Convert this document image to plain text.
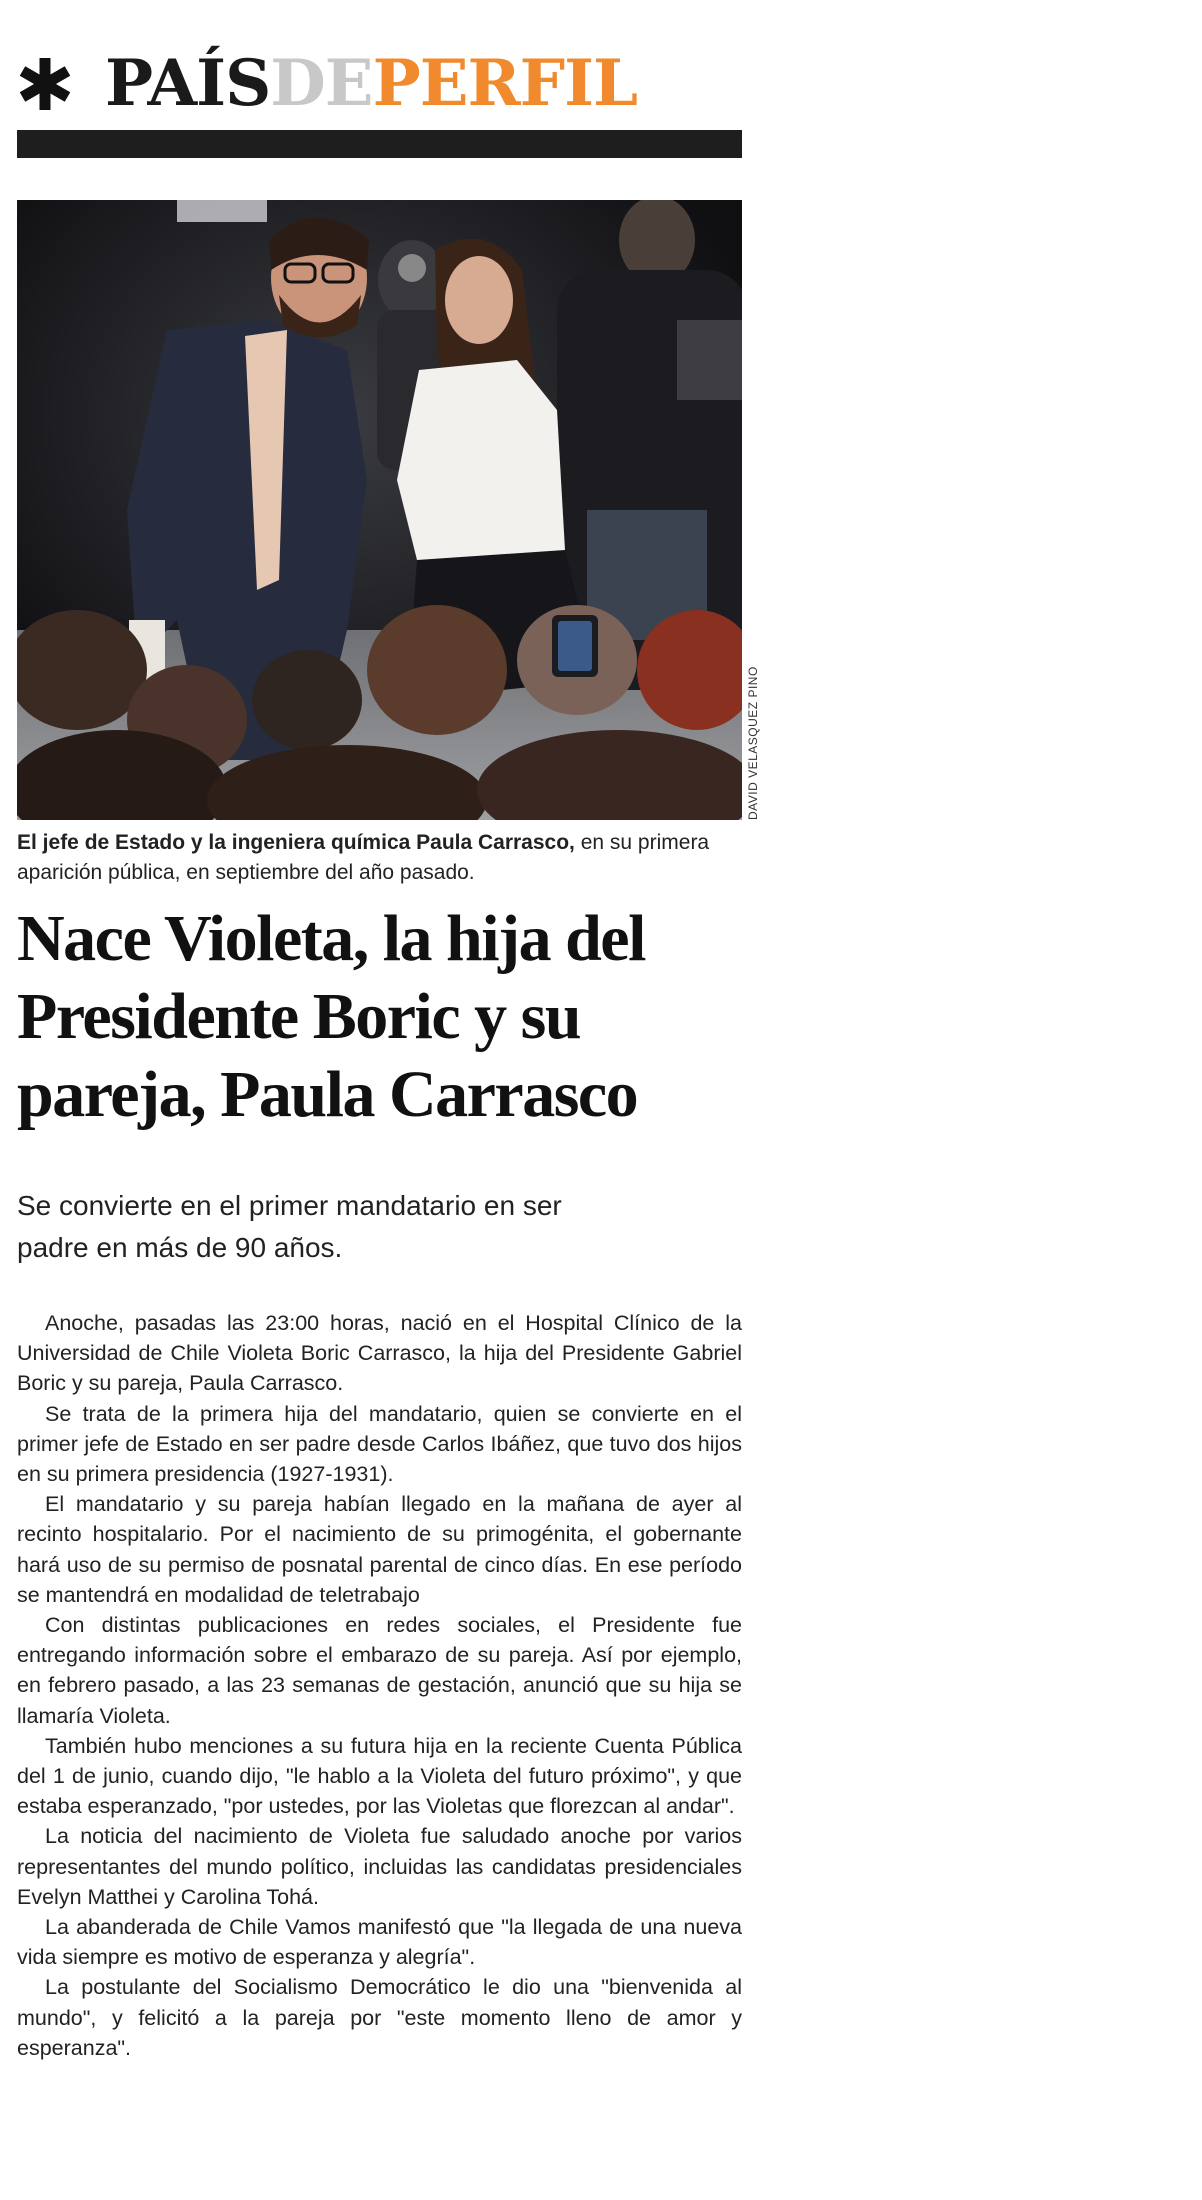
PAÍSDEPERFIL
DAVID VELASQUEZ PINO
El jefe de Estado y la ingeniera química Paula Carrasco, en su primera aparición pública, en septiembre del año pasado.
Nace Violeta, la hija del Presidente Boric y su pareja, Paula Carrasco
Se convierte en el primer mandatario en ser padre en más de 90 años.

Anoche, pasadas las 23:00 horas, nació en el Hospital Clínico de la Universidad de Chile Violeta Boric Carrasco, la hija del Presidente Gabriel Boric y su pareja, Paula Carrasco.

Se trata de la primera hija del mandatario, quien se convierte en el primer jefe de Estado en ser padre desde Carlos Ibáñez, que tuvo dos hijos en su primera presidencia (1927-1931).

El mandatario y su pareja habían llegado en la mañana de ayer al recinto hospitalario. Por el nacimiento de su primogénita, el gobernante hará uso de su permiso de posnatal parental de cinco días. En ese período se mantendrá en modalidad de teletrabajo

Con distintas publicaciones en redes sociales, el Presidente fue entregando información sobre el embarazo de su pareja. Así por ejemplo, en febrero pasado, a las 23 semanas de gestación, anunció que su hija se llamaría Violeta.

También hubo menciones a su futura hija en la reciente Cuenta Pública del 1 de junio, cuando dijo, "le hablo a la Violeta del futuro próximo", y que estaba esperanzado, "por ustedes, por las Violetas que florezcan al andar".

La noticia del nacimiento de Violeta fue saludado anoche por varios representantes del mundo político, incluidas las candidatas presidenciales Evelyn Matthei y Carolina Tohá.

La abanderada de Chile Vamos manifestó que "la llegada de una nueva vida siempre es motivo de esperanza y alegría".

La postulante del Socialismo Democrático le dio una "bienvenida al mundo", y felicitó a la pareja por "este momento lleno de amor y esperanza".
